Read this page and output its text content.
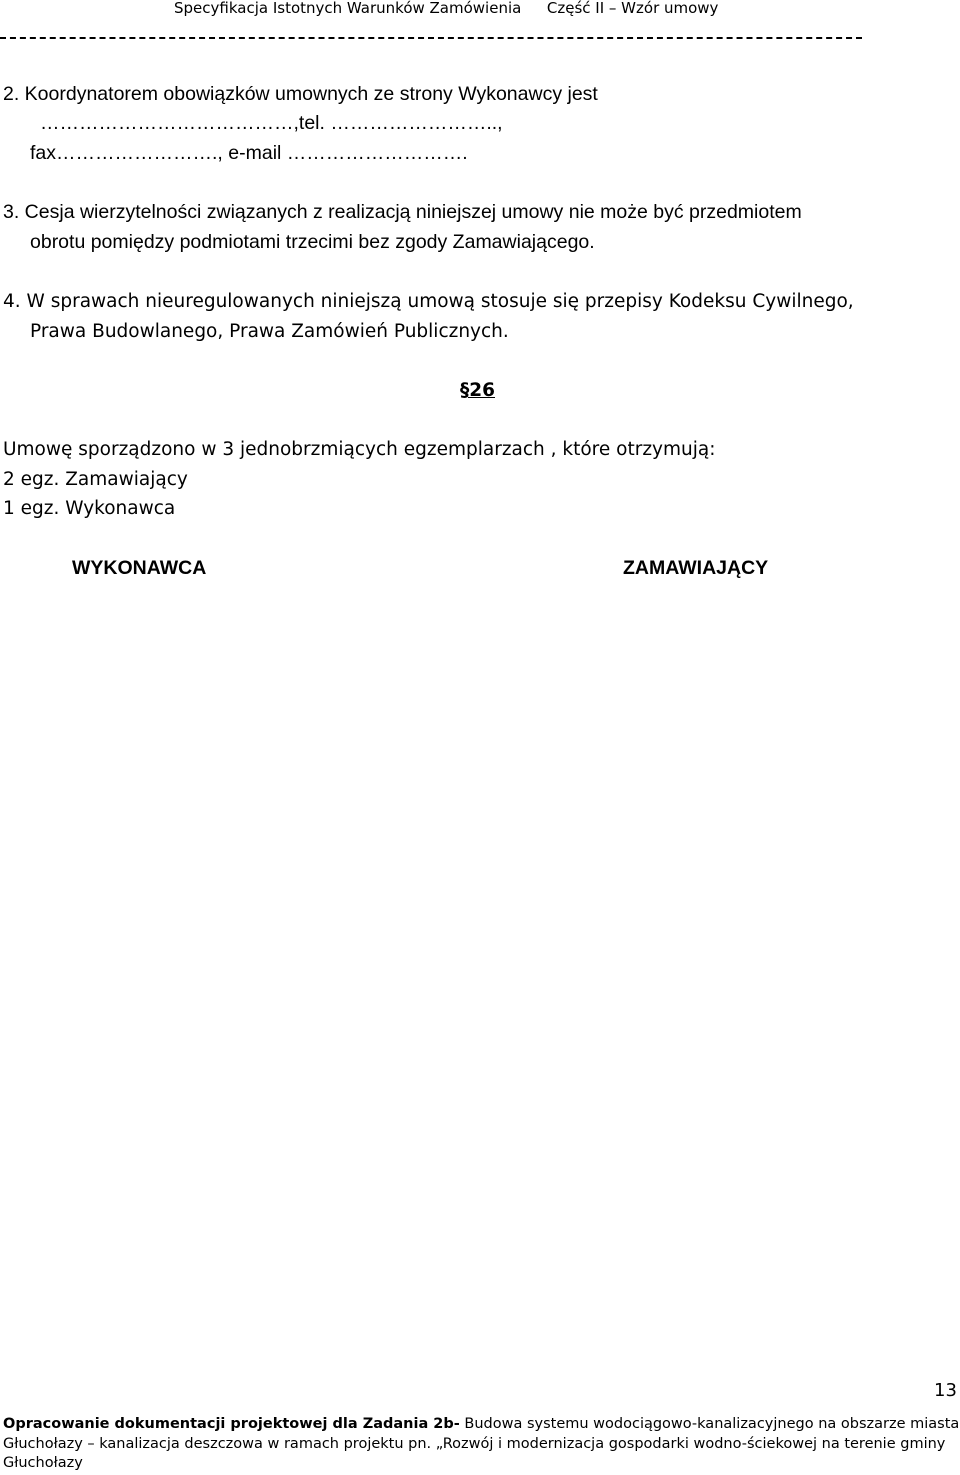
Specyfikacja Istotnych Warunków Zamówienia Część II – Wzór umowy
2. Koordynatorem obowiązków umownych ze strony Wykonawcy jest
…………………………………,tel. ……………………..,
fax……………………., e-mail ……………………….
3. Cesja wierzytelności związanych z realizacją niniejszej umowy nie może być przedmiotem
obrotu pomiędzy podmiotami trzecimi bez zgody Zamawiającego.
4. W sprawach nieuregulowanych niniejszą umową stosuje się przepisy Kodeksu Cywilnego,
Prawa Budowlanego, Prawa Zamówień Publicznych.
§26
Umowę sporządzono w 3 jednobrzmiących egzemplarzach , które otrzymują:
2 egz. Zamawiający
1 egz. Wykonawca
WYKONAWCA	ZAMAWIAJĄCY
13
Opracowanie dokumentacji projektowej dla Zadania 2b- Budowa systemu wodociągowo-kanalizacyjnego na obszarze miasta
Głuchołazy – kanalizacja deszczowa w ramach projektu pn. „Rozwój i modernizacja gospodarki wodno-ściekowej na terenie gminy
Głuchołazy
